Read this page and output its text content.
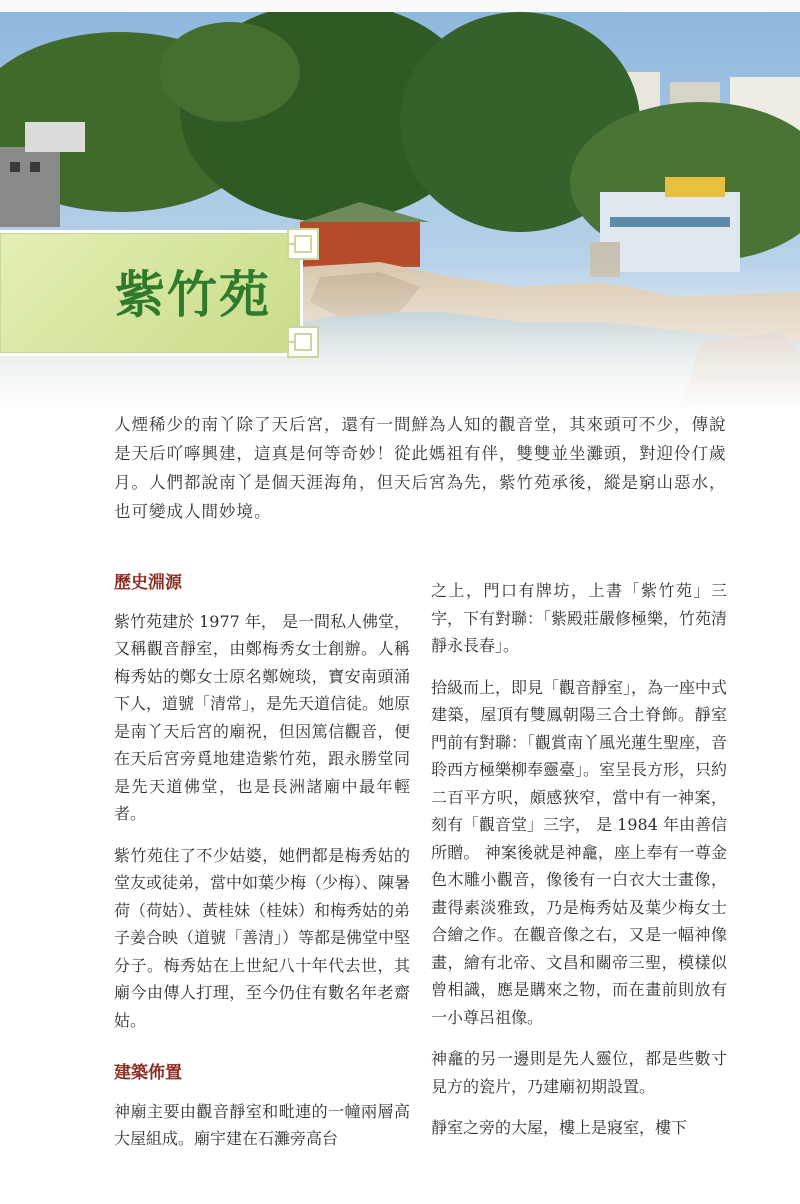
紫竹苑
人煙稀少的南丫除了天后宮，還有一間鮮為人知的觀音堂，其來頭可不少，傳說是天后吖嚀興建，這真是何等奇妙！從此媽祖有伴，雙雙並坐灘頭，對迎伶仃歲月。人們都說南丫是個天涯海角，但天后宮為先，紫竹苑承後，縱是窮山惡水，也可變成人間妙境。
歷史淵源

紫竹苑建於 1977 年， 是一間私人佛堂，又稱觀音靜室，由鄭梅秀女士創辦。人稱梅秀姑的鄭女士原名鄭婉琰，寶安南頭涌下人，道號「清常」，是先天道信徒。她原是南丫天后宮的廟祝，但因篤信觀音，便在天后宮旁覓地建造紫竹苑，跟永勝堂同是先天道佛堂，也是長洲諸廟中最年輕者。

紫竹苑住了不少姑婆，她們都是梅秀姑的堂友或徒弟，當中如葉少梅（少梅）、陳暑荷（荷姑）、黃桂妹（桂妹）和梅秀姑的弟子姜合映（道號「善清」）等都是佛堂中堅分子。梅秀姑在上世紀八十年代去世，其廟今由傳人打理，至今仍住有數名年老齋姑。

建築佈置

神廟主要由觀音靜室和毗連的一幢兩層高大屋組成。廟宇建在石灘旁高台

之上，門口有牌坊，上書「紫竹苑」三字，下有對聯：「紫殿莊嚴修極樂，竹苑清靜永長春」。

拾級而上，即見「觀音靜室」，為一座中式建築，屋頂有雙鳳朝陽三合土脊飾。靜室門前有對聯：「觀賞南丫風光蓮生聖座，音聆西方極樂柳奉靈臺」。室呈長方形，只約二百平方呎，頗感狹窄，當中有一神案，刻有「觀音堂」三字， 是 1984 年由善信所贈。 神案後就是神龕，座上奉有一尊金色木雕小觀音，像後有一白衣大士畫像，畫得素淡雅致，乃是梅秀姑及葉少梅女士合繪之作。在觀音像之右，又是一幅神像畫，繪有北帝、文昌和關帝三聖，模樣似曾相識，應是購來之物，而在畫前則放有一小尊呂祖像。

神龕的另一邊則是先人靈位，都是些數寸見方的瓷片，乃建廟初期設置。

靜室之旁的大屋，樓上是寢室，樓下
